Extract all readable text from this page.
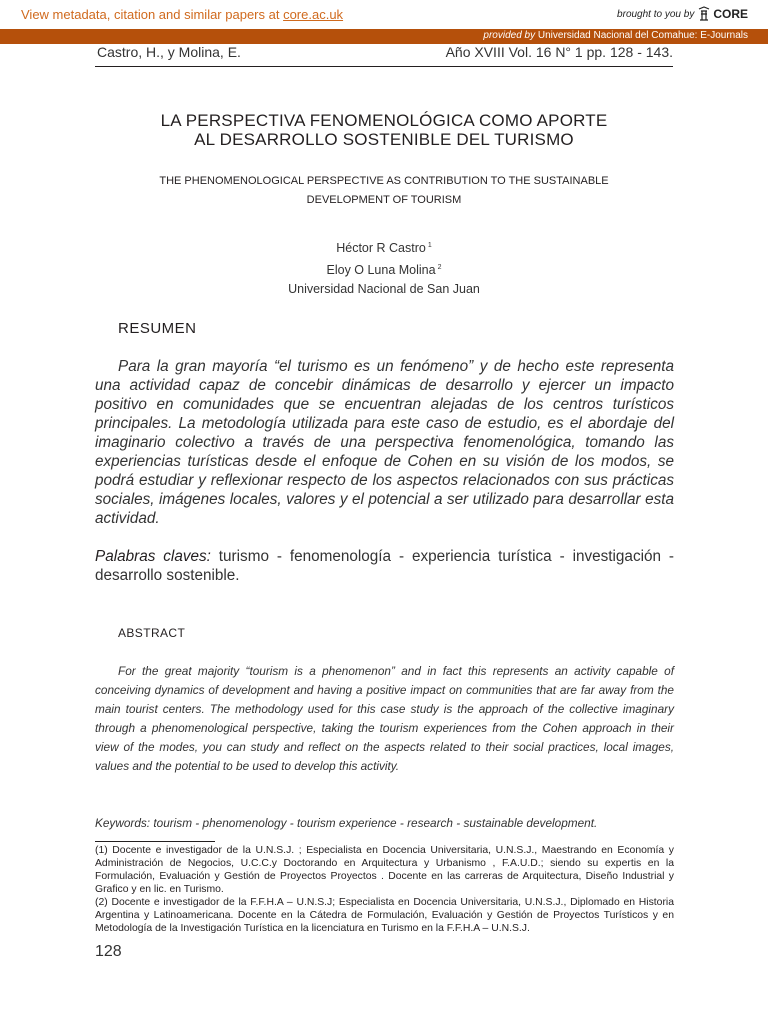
View metadata, citation and similar papers at core.ac.uk	brought to you by CORE
provided by Universidad Nacional del Comahue: E-Journals
Castro, H., y Molina, E.	Año XVIII Vol. 16 N° 1 pp. 128 - 143.
LA PERSPECTIVA FENOMENOLÓGICA COMO APORTE
AL DESARROLLO SOSTENIBLE DEL TURISMO
THE PHENOMENOLOGICAL PERSPECTIVE AS CONTRIBUTION TO THE SUSTAINABLE
DEVELOPMENT OF TOURISM
Héctor R Castro $^1$
Eloy O Luna Molina $^2$
Universidad Nacional de San Juan
RESUMEN

Para la gran mayoría “el turismo es un fenómeno” y de hecho este representa una actividad capaz de concebir dinámicas de desarrollo y ejercer un impacto positivo en comunidades que se encuentran alejadas de los centros turísticos principales. La metodología utilizada para este caso de estudio, es el abordaje del imaginario colectivo a través de una perspectiva fenomenológica, tomando las experiencias turísticas desde el enfoque de Cohen en su visión de los modos, se podrá estudiar y reflexionar respecto de los aspectos relacionados con sus prácticas sociales, imágenes locales, valores y el potencial a ser utilizado para desarrollar esta actividad.

Palabras claves: turismo - fenomenología - experiencia turística - investigación - desarrollo sostenible.

ABSTRACT

For the great majority “tourism is a phenomenon” and in fact this represents an activity capable of conceiving dynamics of development and having a positive impact on communities that are far away from the main tourist centers. The methodology used for this case study is the approach of the collective imaginary through a phenomenological perspective, taking the tourism experiences from the Cohen approach in their view of the modes, you can study and reflect on the aspects related to their social practices, local images, values and the potential to be used to develop this activity.

Keywords: tourism - phenomenology - tourism experience - research - sustainable development.

(1) Docente e investigador de la U.N.S.J. ; Especialista en Docencia Universitaria, U.N.S.J., Maestrando en Economía y Administración de Negocios, U.C.C.y Doctorando en Arquitectura y Urbanismo , F.A.U.D.; siendo su expertis en la Formulación, Evaluación y Gestión de Proyectos Proyectos . Docente en las carreras de Arquitectura, Diseño Industrial y Grafico y en lic. en Turismo.

(2) Docente e investigador de la F.F.H.A – U.N.S.J; Especialista en Docencia Universitaria, U.N.S.J., Diplomado en Historia Argentina y Latinoamericana. Docente en la Cátedra de Formulación, Evaluación y Gestión de Proyectos Turísticos y en Metodología de la Investigación Turística en la licenciatura en Turismo en la F.F.H.A – U.N.S.J.

128
